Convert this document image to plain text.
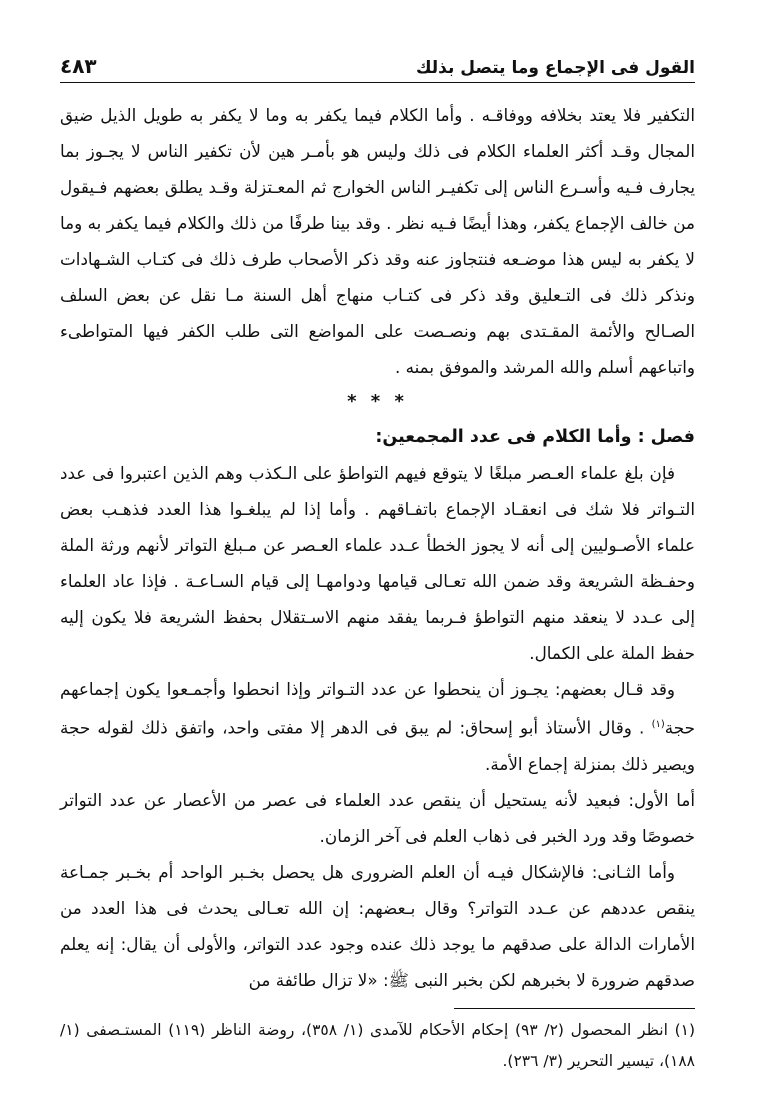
القول فى الإجماع وما يتصل بذلك
٤٨٣

التكفير فلا يعتد بخلافه ووفاقـه . وأما الكلام فيما يكفر به وما لا يكفر به طويل الذيل ضيق المجال وقـد أكثر العلماء الكلام فى ذلك وليس هو بأمـر هين لأن تكفير الناس لا يجـوز بما يجارف فـيه وأسـرع الناس إلى تكفيـر الناس الخوارج ثم المعـتزلة وقـد يطلق بعضهم فـيقول من خالف الإجماع يكفر، وهذا أيضًا فـيه نظر . وقد بينا طرفًا من ذلك والكلام فيما يكفر به وما لا يكفر به ليس هذا موضـعه فنتجاوز عنه وقد ذكر الأصحاب طرف ذلك فى كتـاب الشـهادات ونذكر ذلك فى التـعليق وقد ذكر فى كتـاب منهاج أهل السنة مـا نقل عن بعض السلف الصـالح والأئمة المقـتدى بهم ونصـصت على المواضع التى طلب الكفر فيها المتواطىء واتباعهم أسلم والله المرشد والموفق بمنه .

* * *

فصل : وأما الكلام فى عدد المجمعين:

فإن بلغ علماء العـصر مبلغًا لا يتوقع فيهم التواطؤ على الـكذب وهم الذين اعتبروا فى عدد التـواتر فلا شك فى انعقـاد الإجماع باتفـاقهم . وأما إذا لم يبلغـوا هذا العدد فذهـب بعض علماء الأصـوليين إلى أنه لا يجوز الخطأ عـدد علماء العـصر عن مـبلغ التواتر لأنهم ورثة الملة وحفـظة الشريعة وقد ضمن الله تعـالى قيامها ودوامهـا إلى قيام السـاعـة . فإذا عاد العلماء إلى عـدد لا ينعقد منهم التواطؤ فـربما يفقد منهم الاسـتقلال بحفظ الشريعة فلا يكون إليه حفظ الملة على الكمال.

وقد قـال بعضهم: يجـوز أن ينحطوا عن عدد التـواتر وإذا انحطوا وأجمـعوا يكون إجماعهم حجة$^{(١)}$ . وقال الأستاذ أبو إسحاق: لم يبق فى الدهر إلا مفتى واحد، واتفق ذلك لقوله حجة ويصير ذلك بمنزلة إجماع الأمة.

أما الأول: فبعيد لأنه يستحيل أن ينقص عدد العلماء فى عصر من الأعصار عن عدد التواتر خصوصًا وقد ورد الخبر فى ذهاب العلم فى آخر الزمان.

وأما الثـانى: فالإشكال فيـه أن العلم الضرورى هل يحصل بخـبر الواحد أم بخـبر جمـاعة ينقص عددهم عن عـدد التواتر؟ وقال بـعضهم: إن الله تعـالى يحدث فى هذا العدد من الأمارات الدالة على صدقهم ما يوجد ذلك عنده وجود عدد التواتر، والأولى أن يقال: إنه يعلم صدقهم ضرورة لا بخبرهم لكن بخبر النبى ﷺ: «لا تزال طائفة من

(١) انظر المحصول (٢/ ٩٣) إحكام الأحكام للآمدى (١/ ٣٥٨)، روضة الناظر (١١٩) المستـصفى (١/ ١٨٨)، تيسير التحرير (٣/ ٢٣٦).
